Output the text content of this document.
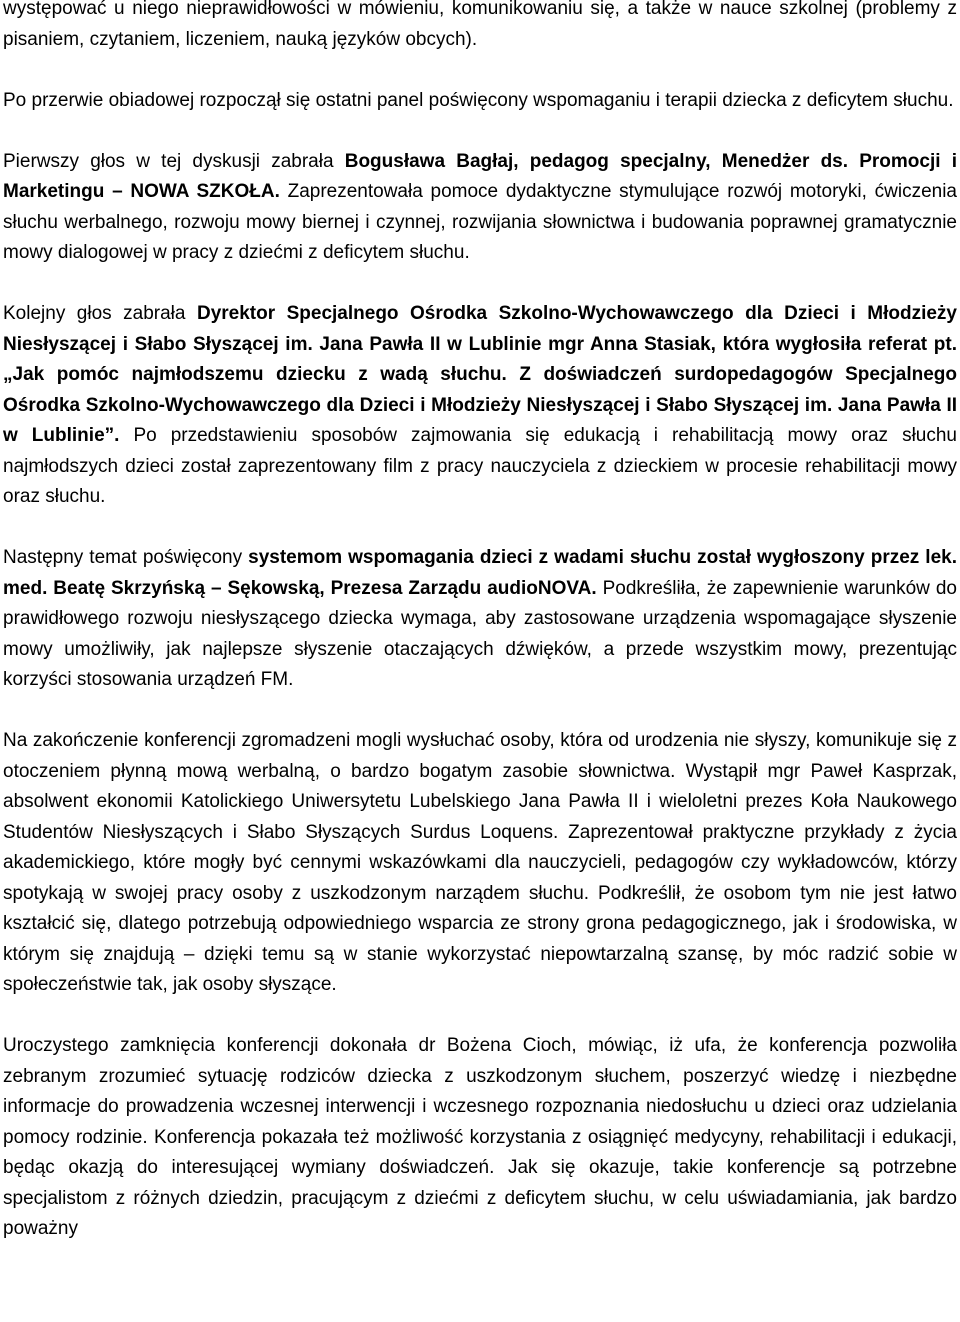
występować u niego nieprawidłowości w mówieniu, komunikowaniu się, a także w nauce szkolnej (problemy z pisaniem, czytaniem, liczeniem, nauką języków obcych).

Po przerwie obiadowej rozpoczął się ostatni panel poświęcony wspomaganiu i terapii dziecka z deficytem słuchu.

Pierwszy głos w tej dyskusji zabrała Bogusława Bagłaj, pedagog specjalny, Menedżer ds. Promocji i Marketingu – NOWA SZKOŁA. Zaprezentowała pomoce dydaktyczne stymulujące rozwój motoryki, ćwiczenia słuchu werbalnego, rozwoju mowy biernej i czynnej, rozwijania słownictwa i budowania poprawnej gramatycznie mowy dialogowej w pracy z dziećmi z deficytem słuchu.

Kolejny głos zabrała Dyrektor Specjalnego Ośrodka Szkolno-Wychowawczego dla Dzieci i Młodzieży Niesłyszącej i Słabo Słyszącej im. Jana Pawła II w Lublinie mgr Anna Stasiak, która wygłosiła referat pt. „Jak pomóc najmłodszemu dziecku z wadą słuchu. Z doświadczeń surdopedagogów Specjalnego Ośrodka Szkolno-Wychowawczego dla Dzieci i Młodzieży Niesłyszącej i Słabo Słyszącej im. Jana Pawła II w Lublinie”. Po przedstawieniu sposobów zajmowania się edukacją i rehabilitacją mowy oraz słuchu najmłodszych dzieci został zaprezentowany film z pracy nauczyciela z dzieckiem w procesie rehabilitacji mowy oraz słuchu.

Następny temat poświęcony systemom wspomagania dzieci z wadami słuchu został wygłoszony przez lek. med. Beatę Skrzyńską – Sękowską, Prezesa Zarządu audioNOVA. Podkreśliła, że zapewnienie warunków do prawidłowego rozwoju niesłyszącego dziecka wymaga, aby zastosowane urządzenia wspomagające słyszenie mowy umożliwiły, jak najlepsze słyszenie otaczających dźwięków, a przede wszystkim mowy, prezentując korzyści stosowania urządzeń FM.

Na zakończenie konferencji zgromadzeni mogli wysłuchać osoby, która od urodzenia nie słyszy, komunikuje się z otoczeniem płynną mową werbalną, o bardzo bogatym zasobie słownictwa. Wystąpił mgr Paweł Kasprzak, absolwent ekonomii Katolickiego Uniwersytetu Lubelskiego Jana Pawła II i wieloletni prezes Koła Naukowego Studentów Niesłyszących i Słabo Słyszących Surdus Loquens. Zaprezentował praktyczne przykłady z życia akademickiego, które mogły być cennymi wskazówkami dla nauczycieli, pedagogów czy wykładowców, którzy spotykają w swojej pracy osoby z uszkodzonym narządem słuchu. Podkreślił, że osobom tym nie jest łatwo kształcić się, dlatego potrzebują odpowiedniego wsparcia ze strony grona pedagogicznego, jak i środowiska, w którym się znajdują – dzięki temu są w stanie wykorzystać niepowtarzalną szansę, by móc radzić sobie w społeczeństwie tak, jak osoby słyszące.

Uroczystego zamknięcia konferencji dokonała dr Bożena Cioch, mówiąc, iż ufa, że konferencja pozwoliła zebranym zrozumieć sytuację rodziców dziecka z uszkodzonym słuchem, poszerzyć wiedzę i niezbędne informacje do prowadzenia wczesnej interwencji i wczesnego rozpoznania niedosłuchu u dzieci oraz udzielania pomocy rodzinie. Konferencja pokazała też możliwość korzystania z osiągnięć medycyny, rehabilitacji i edukacji, będąc okazją do interesującej wymiany doświadczeń. Jak się okazuje, takie konferencje są potrzebne specjalistom z różnych dziedzin, pracującym z dziećmi z deficytem słuchu, w celu uświadamiania, jak bardzo poważny
